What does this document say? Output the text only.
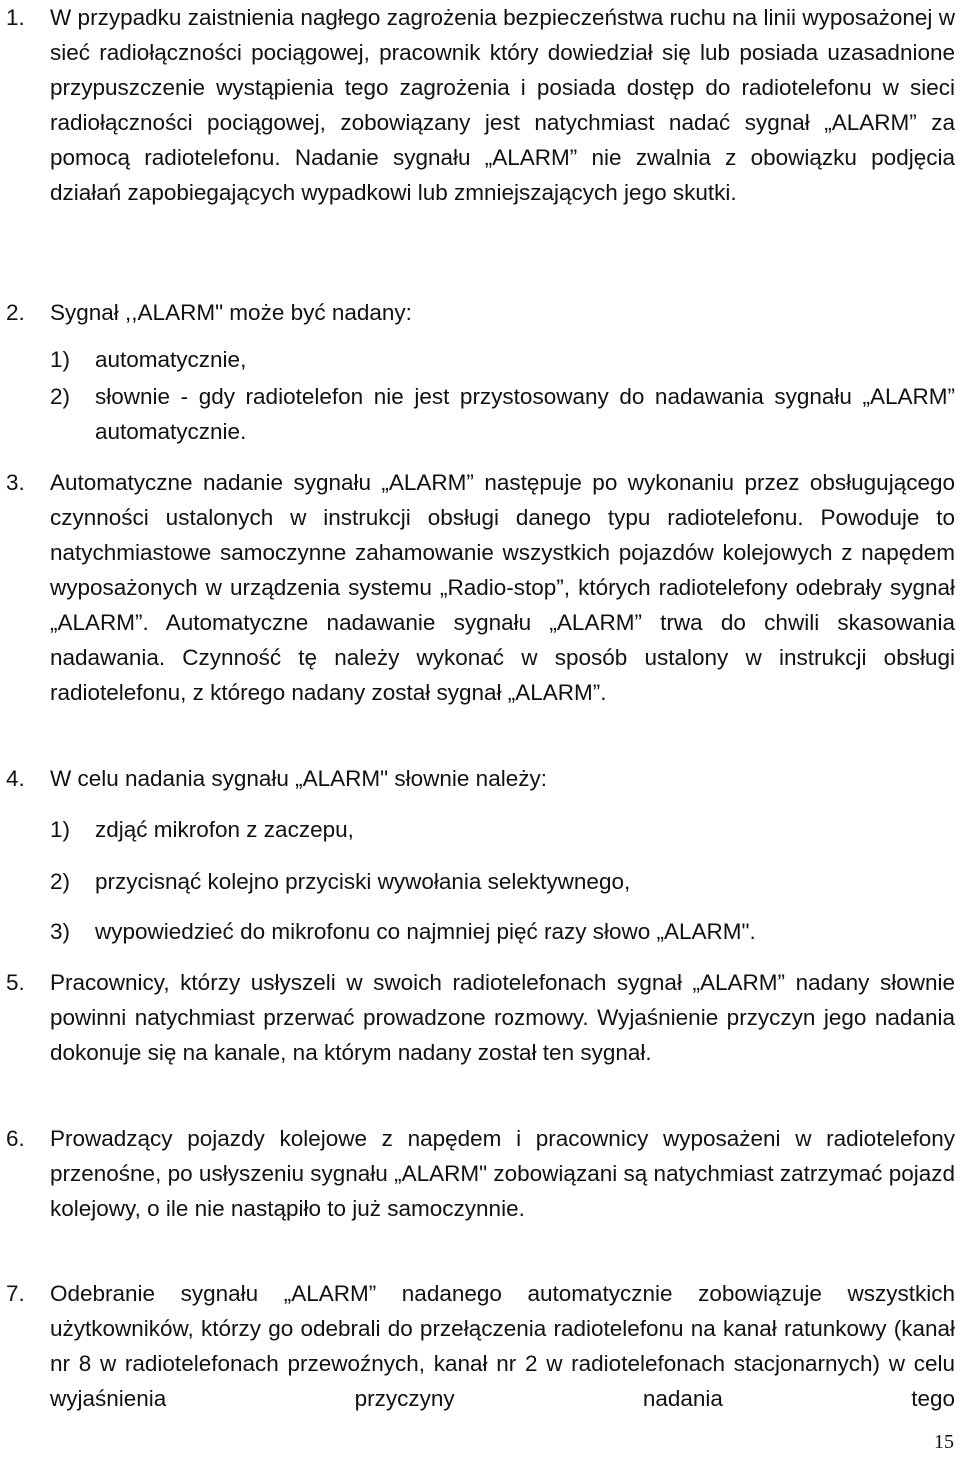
1. W przypadku zaistnienia nagłego zagrożenia bezpieczeństwa ruchu na linii wyposażonej w sieć radiołączności pociągowej, pracownik który dowiedział się lub posiada uzasadnione przypuszczenie wystąpienia tego zagrożenia i posiada dostęp do radiotelefonu w sieci radiołączności pociągowej, zobowiązany jest natychmiast nadać sygnał „ALARM” za pomocą radiotelefonu. Nadanie sygnału „ALARM” nie zwalnia z obowiązku podjęcia działań zapobiegających wypadkowi lub zmniejszających jego skutki.

2. Sygnał ,,ALARM" może być nadany:

1) automatycznie,

2) słownie - gdy radiotelefon nie jest przystosowany do nadawania sygnału „ALARM” automatycznie.

3. Automatyczne nadanie sygnału „ALARM” następuje po wykonaniu przez obsługującego czynności ustalonych w instrukcji obsługi danego typu radiotelefonu. Powoduje to natychmiastowe samoczynne zahamowanie wszystkich pojazdów kolejowych z napędem wyposażonych w urządzenia systemu „Radio-stop”, których radiotelefony odebrały sygnał „ALARM”. Automatyczne nadawanie sygnału „ALARM” trwa do chwili skasowania nadawania. Czynność tę należy wykonać w sposób ustalony w instrukcji obsługi radiotelefonu, z którego nadany został sygnał „ALARM”.

4. W celu nadania sygnału „ALARM" słownie należy:

1) zdjąć mikrofon z zaczepu,

2) przycisnąć kolejno przyciski wywołania selektywnego,

3) wypowiedzieć do mikrofonu co najmniej pięć razy słowo „ALARM".

5. Pracownicy, którzy usłyszeli w swoich radiotelefonach sygnał „ALARM” nadany słownie powinni natychmiast przerwać prowadzone rozmowy. Wyjaśnienie przyczyn jego nadania dokonuje się na kanale, na którym nadany został ten sygnał.

6. Prowadzący pojazdy kolejowe z napędem i pracownicy wyposażeni w radiotelefony przenośne, po usłyszeniu sygnału „ALARM" zobowiązani są natychmiast zatrzymać pojazd kolejowy, o ile nie nastąpiło to już samoczynnie.

7. Odebranie sygnału „ALARM” nadanego automatycznie zobowiązuje wszystkich użytkowników, którzy go odebrali do przełączenia radiotelefonu na kanał ratunkowy (kanał nr 8 w radiotelefonach przewoźnych, kanał nr 2 w radiotelefonach stacjonarnych) w celu wyjaśnienia przyczyny nadania tego

15
